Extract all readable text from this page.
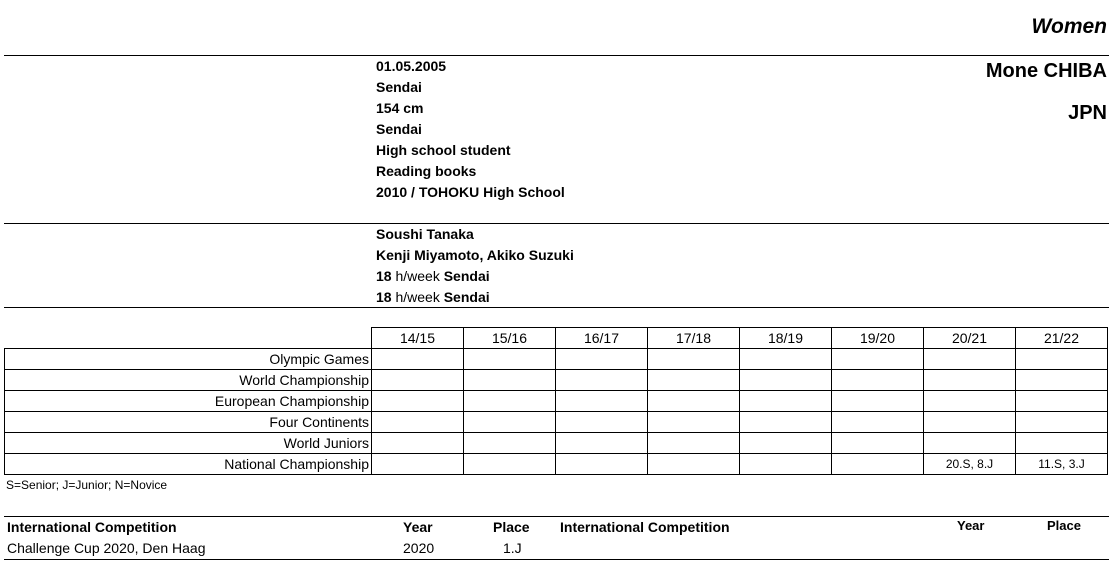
Women
Mone CHIBA
JPN
01.05.2005
Sendai
154 cm
Sendai
High school student
Reading books
2010 / TOHOKU High School
Soushi Tanaka
Kenji Miyamoto, Akiko Suzuki
18 h/week Sendai
18 h/week Sendai
	14/15	15/16	16/17	17/18	18/19	19/20	20/21	21/22
Olympic Games								
World Championship								
European Championship								
Four Continents								
World Juniors								
National Championship							20.S, 8.J	11.S, 3.J
S=Senior; J=Junior; N=Novice
International Competition	Year	Place International Competition	Year	Place
Challenge Cup 2020, Den Haag	2020	1.J
